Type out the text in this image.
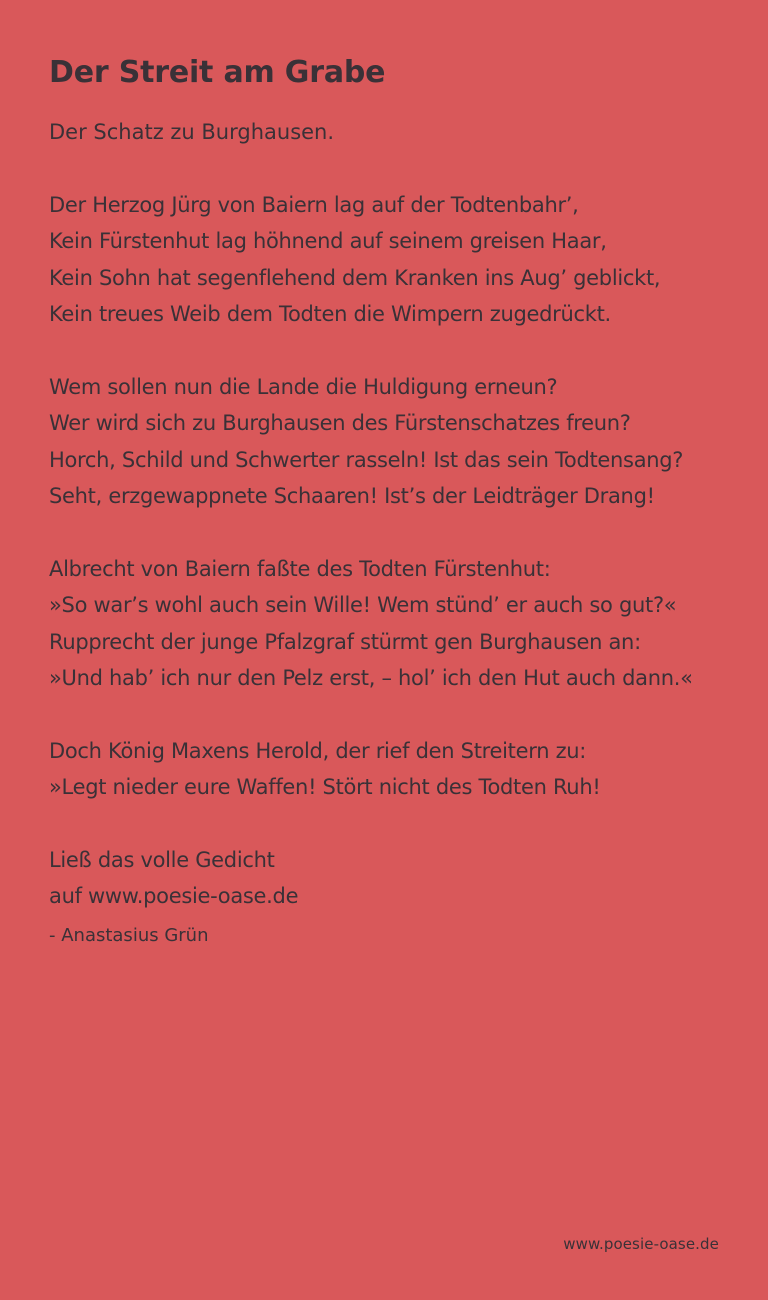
Der Streit am Grabe

Der Schatz zu Burghausen.

Der Herzog Jürg von Baiern lag auf der Todtenbahr’,
Kein Fürstenhut lag höhnend auf seinem greisen Haar,
Kein Sohn hat segenflehend dem Kranken ins Aug’ geblickt,
Kein treues Weib dem Todten die Wimpern zugedrückt.

Wem sollen nun die Lande die Huldigung erneun?
Wer wird sich zu Burghausen des Fürstenschatzes freun?
Horch, Schild und Schwerter rasseln! Ist das sein Todtensang?
Seht, erzgewappnete Schaaren! Ist’s der Leidträger Drang!

Albrecht von Baiern faßte des Todten Fürstenhut:
»So war’s wohl auch sein Wille! Wem stünd’ er auch so gut?«
Rupprecht der junge Pfalzgraf stürmt gen Burghausen an:
»Und hab’ ich nur den Pelz erst, – hol’ ich den Hut auch dann.«

Doch König Maxens Herold, der rief den Streitern zu:
»Legt nieder eure Waffen! Stört nicht des Todten Ruh!

Ließ das volle Gedicht
auf www.poesie-oase.de

- Anastasius Grün

www.poesie-oase.de
